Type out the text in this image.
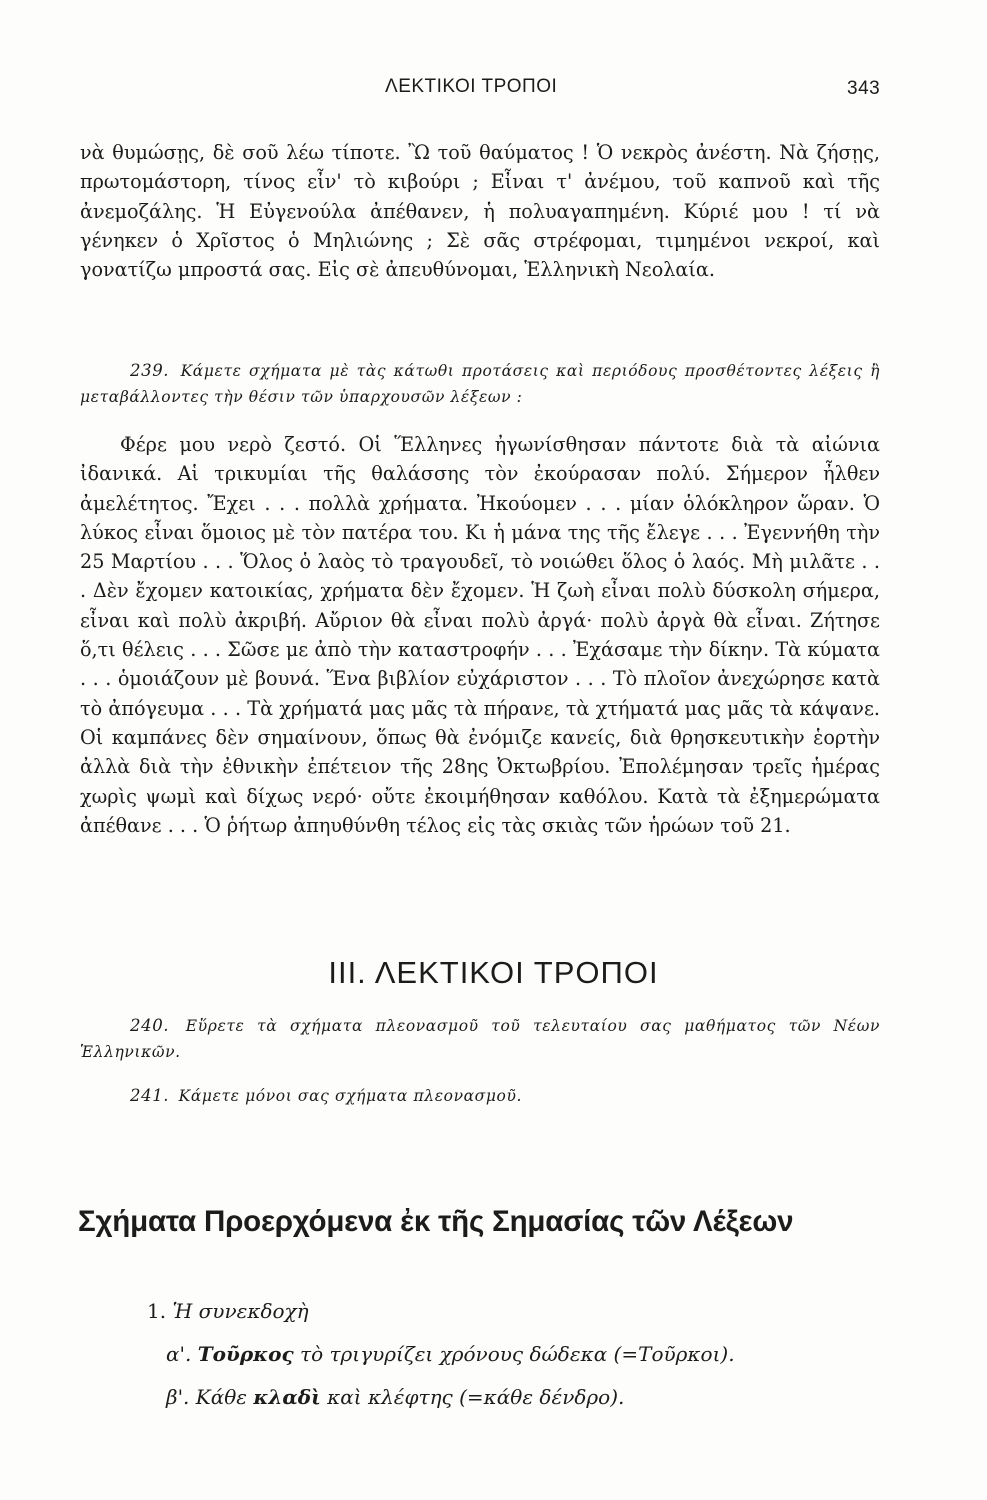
ΛΕΚΤΙΚΟΙ ΤΡΟΠΟΙ	343

νὰ θυμώσῃς, δὲ σοῦ λέω τίποτε. Ὢ τοῦ θαύματος ! Ὁ νεκρὸς ἀνέστη. Νὰ ζήσῃς, πρωτομάστορη, τίνος εἶν' τὸ κιβούρι ; Εἶναι τ' ἀνέμου, τοῦ καπνοῦ καὶ τῆς ἀνεμοζάλης. Ἡ Εὐγενούλα ἀπέθανεν, ἡ πολυαγαπημένη. Κύριέ μου ! τί νὰ γένηκεν ὁ Χρῖστος ὁ Μηλιώνης ; Σὲ σᾶς στρέφομαι, τιμημένοι νεκροί, καὶ γονατίζω μπροστά σας. Εἰς σὲ ἀπευθύνομαι, Ἑλληνικὴ Νεολαία.

239. Κάμετε σχήματα μὲ τὰς κάτωθι προτάσεις καὶ περιόδους προσθέτοντες λέξεις ἢ μεταβάλλοντες τὴν θέσιν τῶν ὑπαρχουσῶν λέξεων :

Φέρε μου νερὸ ζεστό. Οἱ Ἕλληνες ἠγωνίσθησαν πάντοτε διὰ τὰ αἰώνια ἰδανικά. Αἱ τρικυμίαι τῆς θαλάσσης τὸν ἐκούρασαν πολύ. Σήμερον ἦλθεν ἀμελέτητος. Ἔχει . . . πολλὰ χρήματα. Ἠκούομεν . . . μίαν ὁλόκληρον ὥραν. Ὁ λύκος εἶναι ὅμοιος μὲ τὸν πατέρα του. Κι ἡ μάνα της τῆς ἔλεγε . . . Ἐγεννήθη τὴν 25 Μαρτίου . . . Ὅλος ὁ λαὸς τὸ τραγουδεῖ, τὸ νοιώθει ὅλος ὁ λαός. Μὴ μιλᾶτε . . . Δὲν ἔχομεν κατοικίας, χρήματα δὲν ἔχομεν. Ἡ ζωὴ εἶναι πολὺ δύσκολη σήμερα, εἶναι καὶ πολὺ ἀκριβή. Αὔριον θὰ εἶναι πολὺ ἀργά· πολὺ ἀργὰ θὰ εἶναι. Ζήτησε ὅ,τι θέλεις . . . Σῶσε με ἀπὸ τὴν καταστροφήν . . . Ἐχάσαμε τὴν δίκην. Τὰ κύματα . . . ὁμοιάζουν μὲ βουνά. Ἕνα βιβλίον εὐχάριστον . . . Τὸ πλοῖον ἀνεχώρησε κατὰ τὸ ἀπόγευμα . . . Τὰ χρήματά μας μᾶς τὰ πήρανε, τὰ χτήματά μας μᾶς τὰ κάψανε. Οἱ καμπάνες δὲν σημαίνουν, ὅπως θὰ ἐνόμιζε κανείς, διὰ θρησκευτικὴν ἑορτὴν ἀλλὰ διὰ τὴν ἐθνικὴν ἐπέτειον τῆς 28ης Ὀκτωβρίου. Ἐπολέμησαν τρεῖς ἡμέρας χωρὶς ψωμὶ καὶ δίχως νερό· οὔτε ἐκοιμήθησαν καθόλου. Κατὰ τὰ ἐξημερώματα ἀπέθανε . . . Ὁ ῥήτωρ ἀπηυθύνθη τέλος εἰς τὰς σκιὰς τῶν ἡρώων τοῦ 21.

240. Εὕρετε τὰ σχήματα πλεονασμοῦ τοῦ τελευταίου σας μαθήματος τῶν Νέων Ἑλληνικῶν.

241. Κάμετε μόνοι σας σχήματα πλεονασμοῦ.

ΙΙΙ. ΛΕΚΤΙΚΟΙ ΤΡΟΠΟΙ
Σχήματα Προερχόμενα ἐκ τῆς Σημασίας τῶν Λέξεων
1. Ἡ συνεκδοχὴ
α'. Τοῦρκος τὸ τριγυρίζει χρόνους δώδεκα (=Τοῦρκοι).
β'. Κάθε κλαδὶ καὶ κλέφτης (=κάθε δένδρο).
